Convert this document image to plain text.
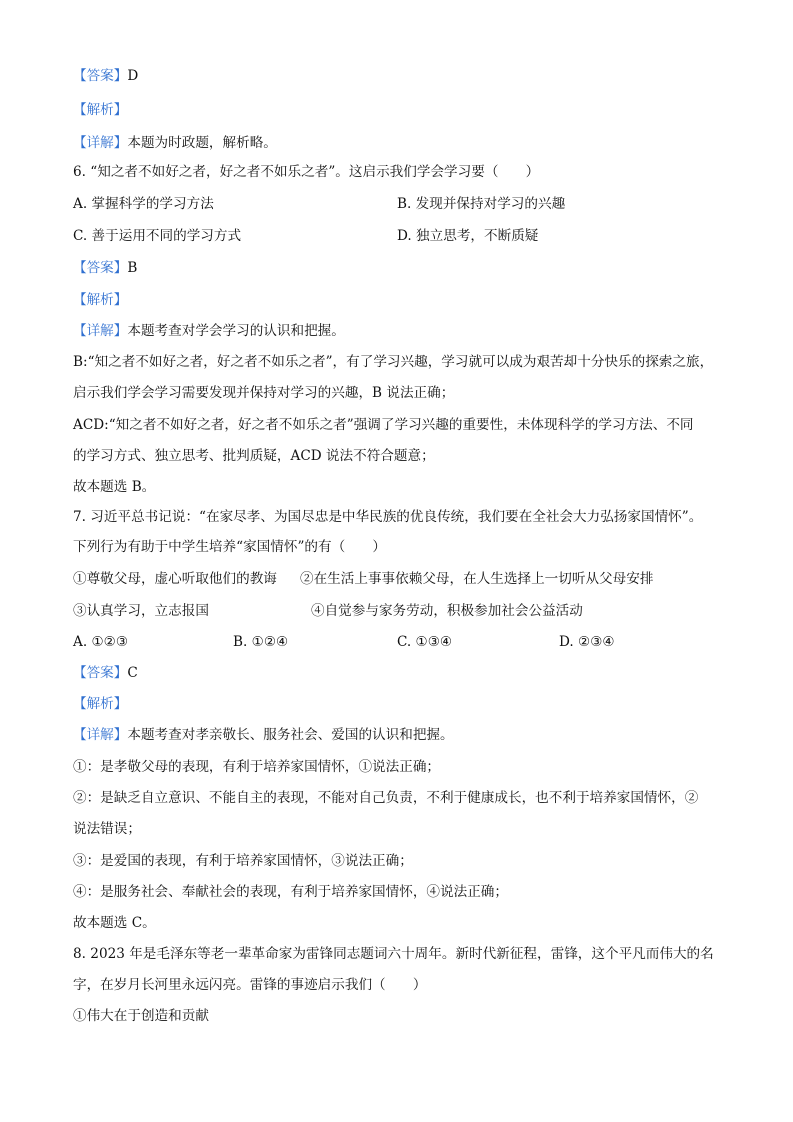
【答案】D
【解析】
【详解】本题为时政题，解析略。
6. “知之者不如好之者，好之者不如乐之者”。这启示我们学会学习要（　　）
A. 掌握科学的学习方法	B. 发现并保持对学习的兴趣
C. 善于运用不同的学习方式	D. 独立思考，不断质疑
【答案】B
【解析】
【详解】本题考查对学会学习的认识和把握。
B:“知之者不如好之者，好之者不如乐之者”，有了学习兴趣，学习就可以成为艰苦却十分快乐的探索之旅，
启示我们学会学习需要发现并保持对学习的兴趣，B 说法正确；
ACD:“知之者不如好之者，好之者不如乐之者”强调了学习兴趣的重要性，未体现科学的学习方法、不同
的学习方式、独立思考、批判质疑，ACD 说法不符合题意；
故本题选 B。
7. 习近平总书记说：“在家尽孝、为国尽忠是中华民族的优良传统，我们要在全社会大力弘扬家国情怀”。
下列行为有助于中学生培养“家国情怀”的有（　　）
①尊敬父母，虚心听取他们的教诲 ②在生活上事事依赖父母，在人生选择上一切听从父母安排
③认真学习，立志报国	④自觉参与家务劳动，积极参加社会公益活动
A. ①②③	B. ①②④	C. ①③④	D. ②③④
【答案】C
【解析】
【详解】本题考查对孝亲敬长、服务社会、爱国的认识和把握。
①：是孝敬父母的表现，有利于培养家国情怀，①说法正确；
②：是缺乏自立意识、不能自主的表现，不能对自己负责，不利于健康成长，也不利于培养家国情怀，②
说法错误；
③：是爱国的表现，有利于培养家国情怀，③说法正确；
④：是服务社会、奉献社会的表现，有利于培养家国情怀，④说法正确；
故本题选 C。
8. 2023 年是毛泽东等老一辈革命家为雷锋同志题词六十周年。新时代新征程，雷锋，这个平凡而伟大的名
字，在岁月长河里永远闪亮。雷锋的事迹启示我们（　　）
①伟大在于创造和贡献
